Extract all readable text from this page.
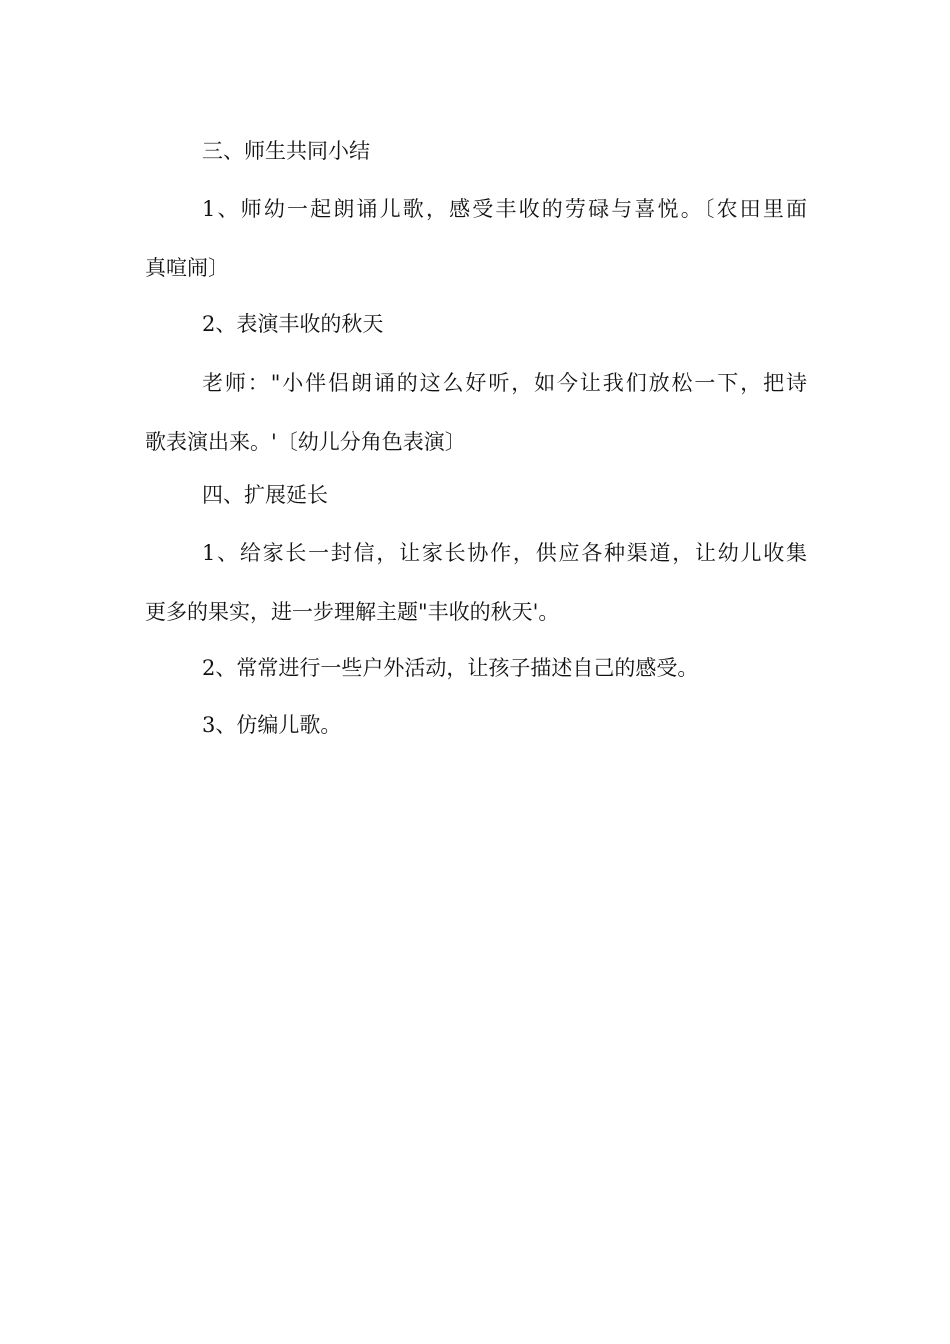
三、师生共同小结

1、师幼一起朗诵儿歌，感受丰收的劳碌与喜悦。〔农田里面
真喧闹〕

2、表演丰收的秋天

老师："小伴侣朗诵的这么好听，如今让我们放松一下，把诗
歌表演出来。'〔幼儿分角色表演〕

四、扩展延长

1、给家长一封信，让家长协作，供应各种渠道，让幼儿收集
更多的果实，进一步理解主题"丰收的秋天'。

2、常常进行一些户外活动，让孩子描述自己的感受。

3、仿编儿歌。
